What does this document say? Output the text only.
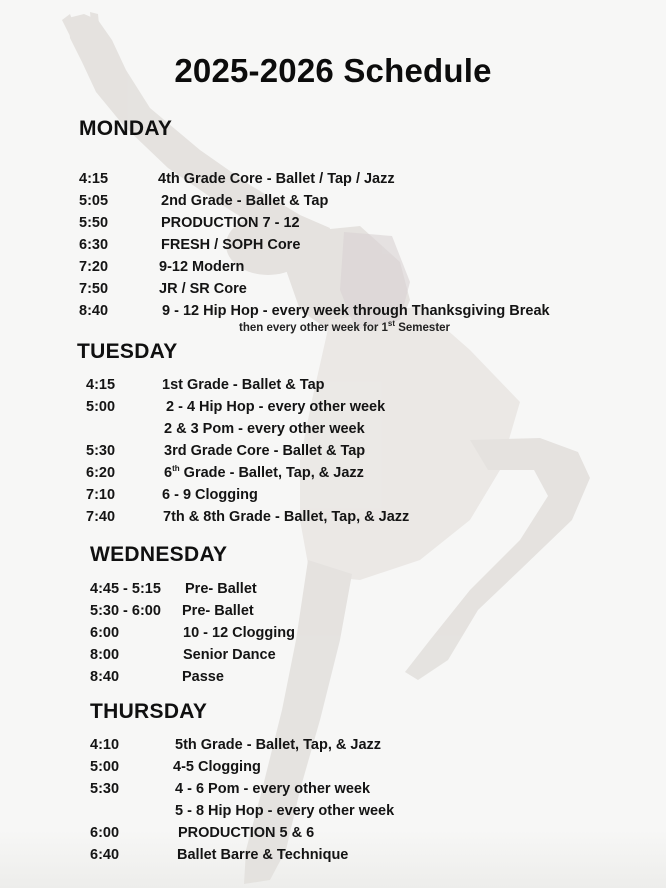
2025-2026 Schedule
MONDAY
4:15	4th Grade Core - Ballet / Tap / Jazz
5:05	2nd Grade - Ballet & Tap
5:50	PRODUCTION 7 - 12
6:30	FRESH / SOPH Core
7:20	9-12 Modern
7:50	JR / SR Core
8:40	9 - 12 Hip Hop - every week through Thanksgiving Break
then every other week for 1st Semester
TUESDAY
4:15	1st Grade - Ballet & Tap
5:00	2 - 4 Hip Hop - every other week
2 & 3 Pom - every other week
5:30	3rd Grade Core - Ballet & Tap
6:20	6th Grade - Ballet, Tap, & Jazz
7:10	6 - 9 Clogging
7:40	7th & 8th Grade - Ballet, Tap, & Jazz
WEDNESDAY
4:45 - 5:15 Pre- Ballet
5:30 - 6:00 Pre- Ballet
6:00	10 - 12 Clogging
8:00	Senior Dance
8:40	Passe
THURSDAY
4:10	5th Grade - Ballet, Tap, & Jazz
5:00	4-5 Clogging
5:30	4 - 6 Pom - every other week
5 - 8 Hip Hop - every other week
6:00	PRODUCTION 5 & 6
6:40	Ballet Barre & Technique
